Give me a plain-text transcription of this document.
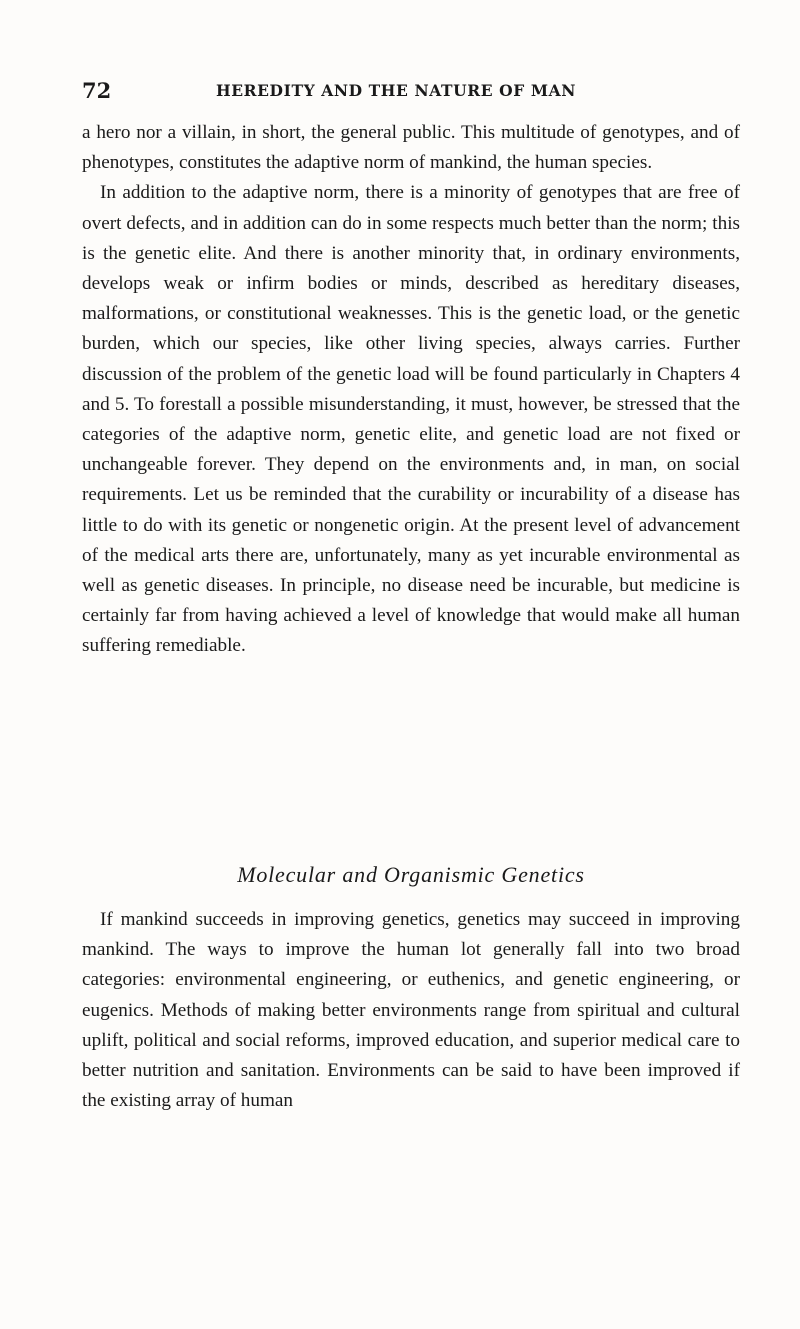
72	HEREDITY AND THE NATURE OF MAN

a hero nor a villain, in short, the general public. This multitude of genotypes, and of phenotypes, constitutes the adaptive norm of mankind, the human species.

In addition to the adaptive norm, there is a minority of genotypes that are free of overt defects, and in addition can do in some respects much better than the norm; this is the genetic elite. And there is another minority that, in ordinary environments, develops weak or infirm bodies or minds, described as hereditary diseases, malformations, or constitutional weaknesses. This is the genetic load, or the genetic burden, which our species, like other living species, always carries. Further discussion of the problem of the genetic load will be found particularly in Chapters 4 and 5. To forestall a possible misunderstanding, it must, however, be stressed that the categories of the adaptive norm, genetic elite, and genetic load are not fixed or unchangeable forever. They depend on the environments and, in man, on social requirements. Let us be reminded that the curability or incurability of a disease has little to do with its genetic or nongenetic origin. At the present level of advancement of the medical arts there are, unfortunately, many as yet incurable environmental as well as genetic diseases. In principle, no disease need be incurable, but medicine is certainly far from having achieved a level of knowledge that would make all human suffering remediable.

Molecular and Organismic Genetics

If mankind succeeds in improving genetics, genetics may succeed in improving mankind. The ways to improve the human lot generally fall into two broad categories: environmental engineering, or euthenics, and genetic engineering, or eugenics. Methods of making better environments range from spiritual and cultural uplift, political and social reforms, improved education, and superior medical care to better nutrition and sanitation. Environments can be said to have been improved if the existing array of human
